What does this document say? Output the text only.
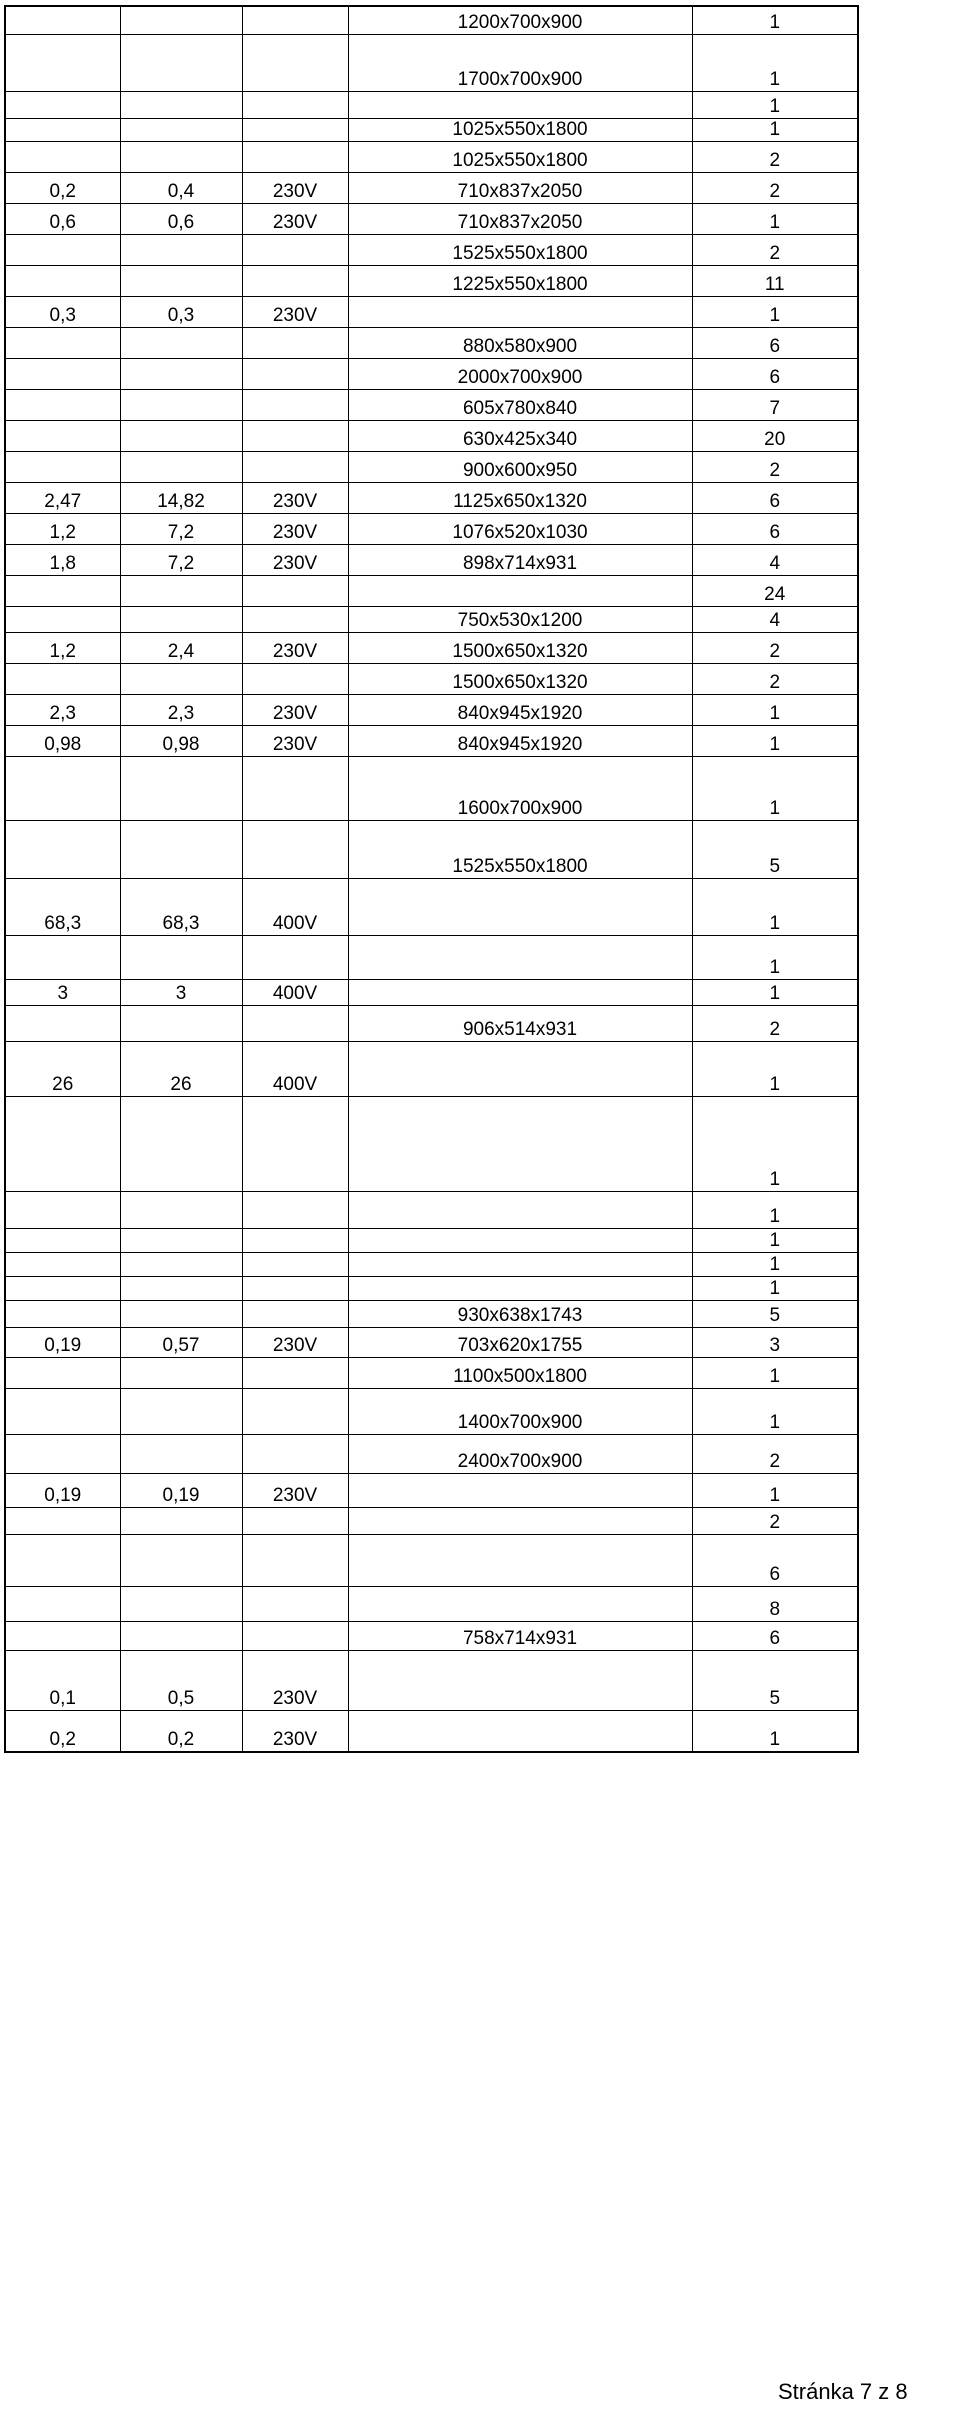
			1200x700x900	1
			1700x700x900	1
				1
			1025x550x1800	1
			1025x550x1800	2
0,2	0,4	230V	710x837x2050	2
0,6	0,6	230V	710x837x2050	1
			1525x550x1800	2
			1225x550x1800	11
0,3	0,3	230V		1
			880x580x900	6
			2000x700x900	6
			605x780x840	7
			630x425x340	20
			900x600x950	2
2,47	14,82	230V	1125x650x1320	6
1,2	7,2	230V	1076x520x1030	6
1,8	7,2	230V	898x714x931	4
				24
			750x530x1200	4
1,2	2,4	230V	1500x650x1320	2
			1500x650x1320	2
2,3	2,3	230V	840x945x1920	1
0,98	0,98	230V	840x945x1920	1
			1600x700x900	1
			1525x550x1800	5
68,3	68,3	400V		1
				1
3	3	400V		1
			906x514x931	2
26	26	400V		1
				1
				1
				1
				1
				1
			930x638x1743	5
0,19	0,57	230V	703x620x1755	3
			1100x500x1800	1
			1400x700x900	1
			2400x700x900	2
0,19	0,19	230V		1
				2
				6
				8
			758x714x931	6
0,1	0,5	230V		5
0,2	0,2	230V		1
Stránka 7 z 8
